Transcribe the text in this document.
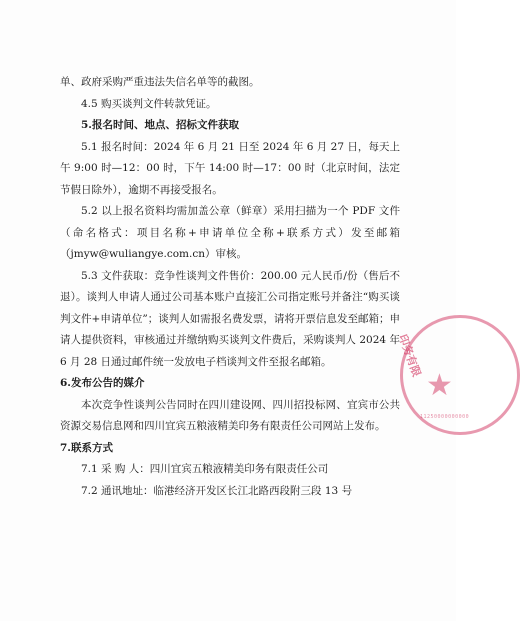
单、政府采购严重违法失信名单等的截图。

4.5 购买谈判文件转款凭证。

5.报名时间、地点、招标文件获取

5.1 报名时间：2024 年 6 月 21 日至 2024 年 6 月 27 日，每天上午 9:00 时—12：00 时，下午 14:00 时—17：00 时（北京时间，法定节假日除外），逾期不再接受报名。

5.2 以上报名资料均需加盖公章（鲜章）采用扫描为一个 PDF 文件（命名格式：项目名称+申请单位全称+联系方式）发至邮箱（jmyw@wuliangye.com.cn）审核。

5.3 文件获取：竞争性谈判文件售价：200.00 元人民币/份（售后不退）。谈判人申请人通过公司基本账户直接汇公司指定账号并备注“购买谈判文件+申请单位”；谈判人如需报名费发票，请将开票信息发至邮箱；申请人提供资料，审核通过并缴纳购买谈判文件费后，采购谈判人 2024 年 6 月 28 日通过邮件统一发放电子档谈判文件至报名邮箱。

6.发布公告的媒介

本次竞争性谈判公告同时在四川建设网、四川招投标网、宜宾市公共资源交易信息网和四川宜宾五粮液精美印务有限责任公司网站上发布。

7.联系方式

7.1 采 购 人：四川宜宾五粮液精美印务有限责任公司

7.2 通讯地址：临港经济开发区长江北路西段附三段 13 号

印务有限
★
11250000000000
